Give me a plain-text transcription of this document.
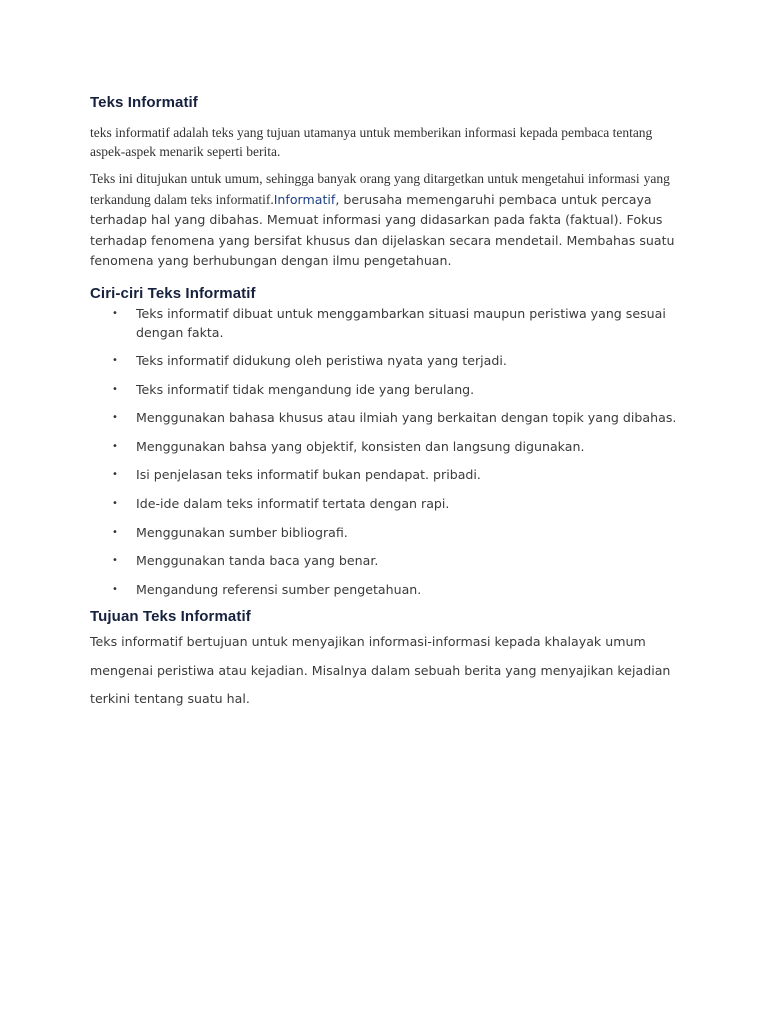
Teks Informatif

teks informatif adalah teks yang tujuan utamanya untuk memberikan informasi kepada pembaca tentang aspek-aspek menarik seperti berita.

Teks ini ditujukan untuk umum, sehingga banyak orang yang ditargetkan untuk mengetahui informasi yang terkandung dalam teks informatif.Informatif, berusaha memengaruhi pembaca untuk percaya terhadap hal yang dibahas. Memuat informasi yang didasarkan pada fakta (faktual). Fokus terhadap fenomena yang bersifat khusus dan dijelaskan secara mendetail. Membahas suatu fenomena yang berhubungan dengan ilmu pengetahuan.

Ciri-ciri Teks Informatif
• Teks informatif dibuat untuk menggambarkan situasi maupun peristiwa yang sesuai dengan fakta.
• Teks informatif didukung oleh peristiwa nyata yang terjadi.
• Teks informatif tidak mengandung ide yang berulang.
• Menggunakan bahasa khusus atau ilmiah yang berkaitan dengan topik yang dibahas.
• Menggunakan bahsa yang objektif, konsisten dan langsung digunakan.
• Isi penjelasan teks informatif bukan pendapat. pribadi.
• Ide-ide dalam teks informatif tertata dengan rapi.
• Menggunakan sumber bibliografi.
• Menggunakan tanda baca yang benar.
• Mengandung referensi sumber pengetahuan.
Tujuan Teks Informatif

Teks informatif bertujuan untuk menyajikan informasi-informasi kepada khalayak umum mengenai peristiwa atau kejadian. Misalnya dalam sebuah berita yang menyajikan kejadian terkini tentang suatu hal.
